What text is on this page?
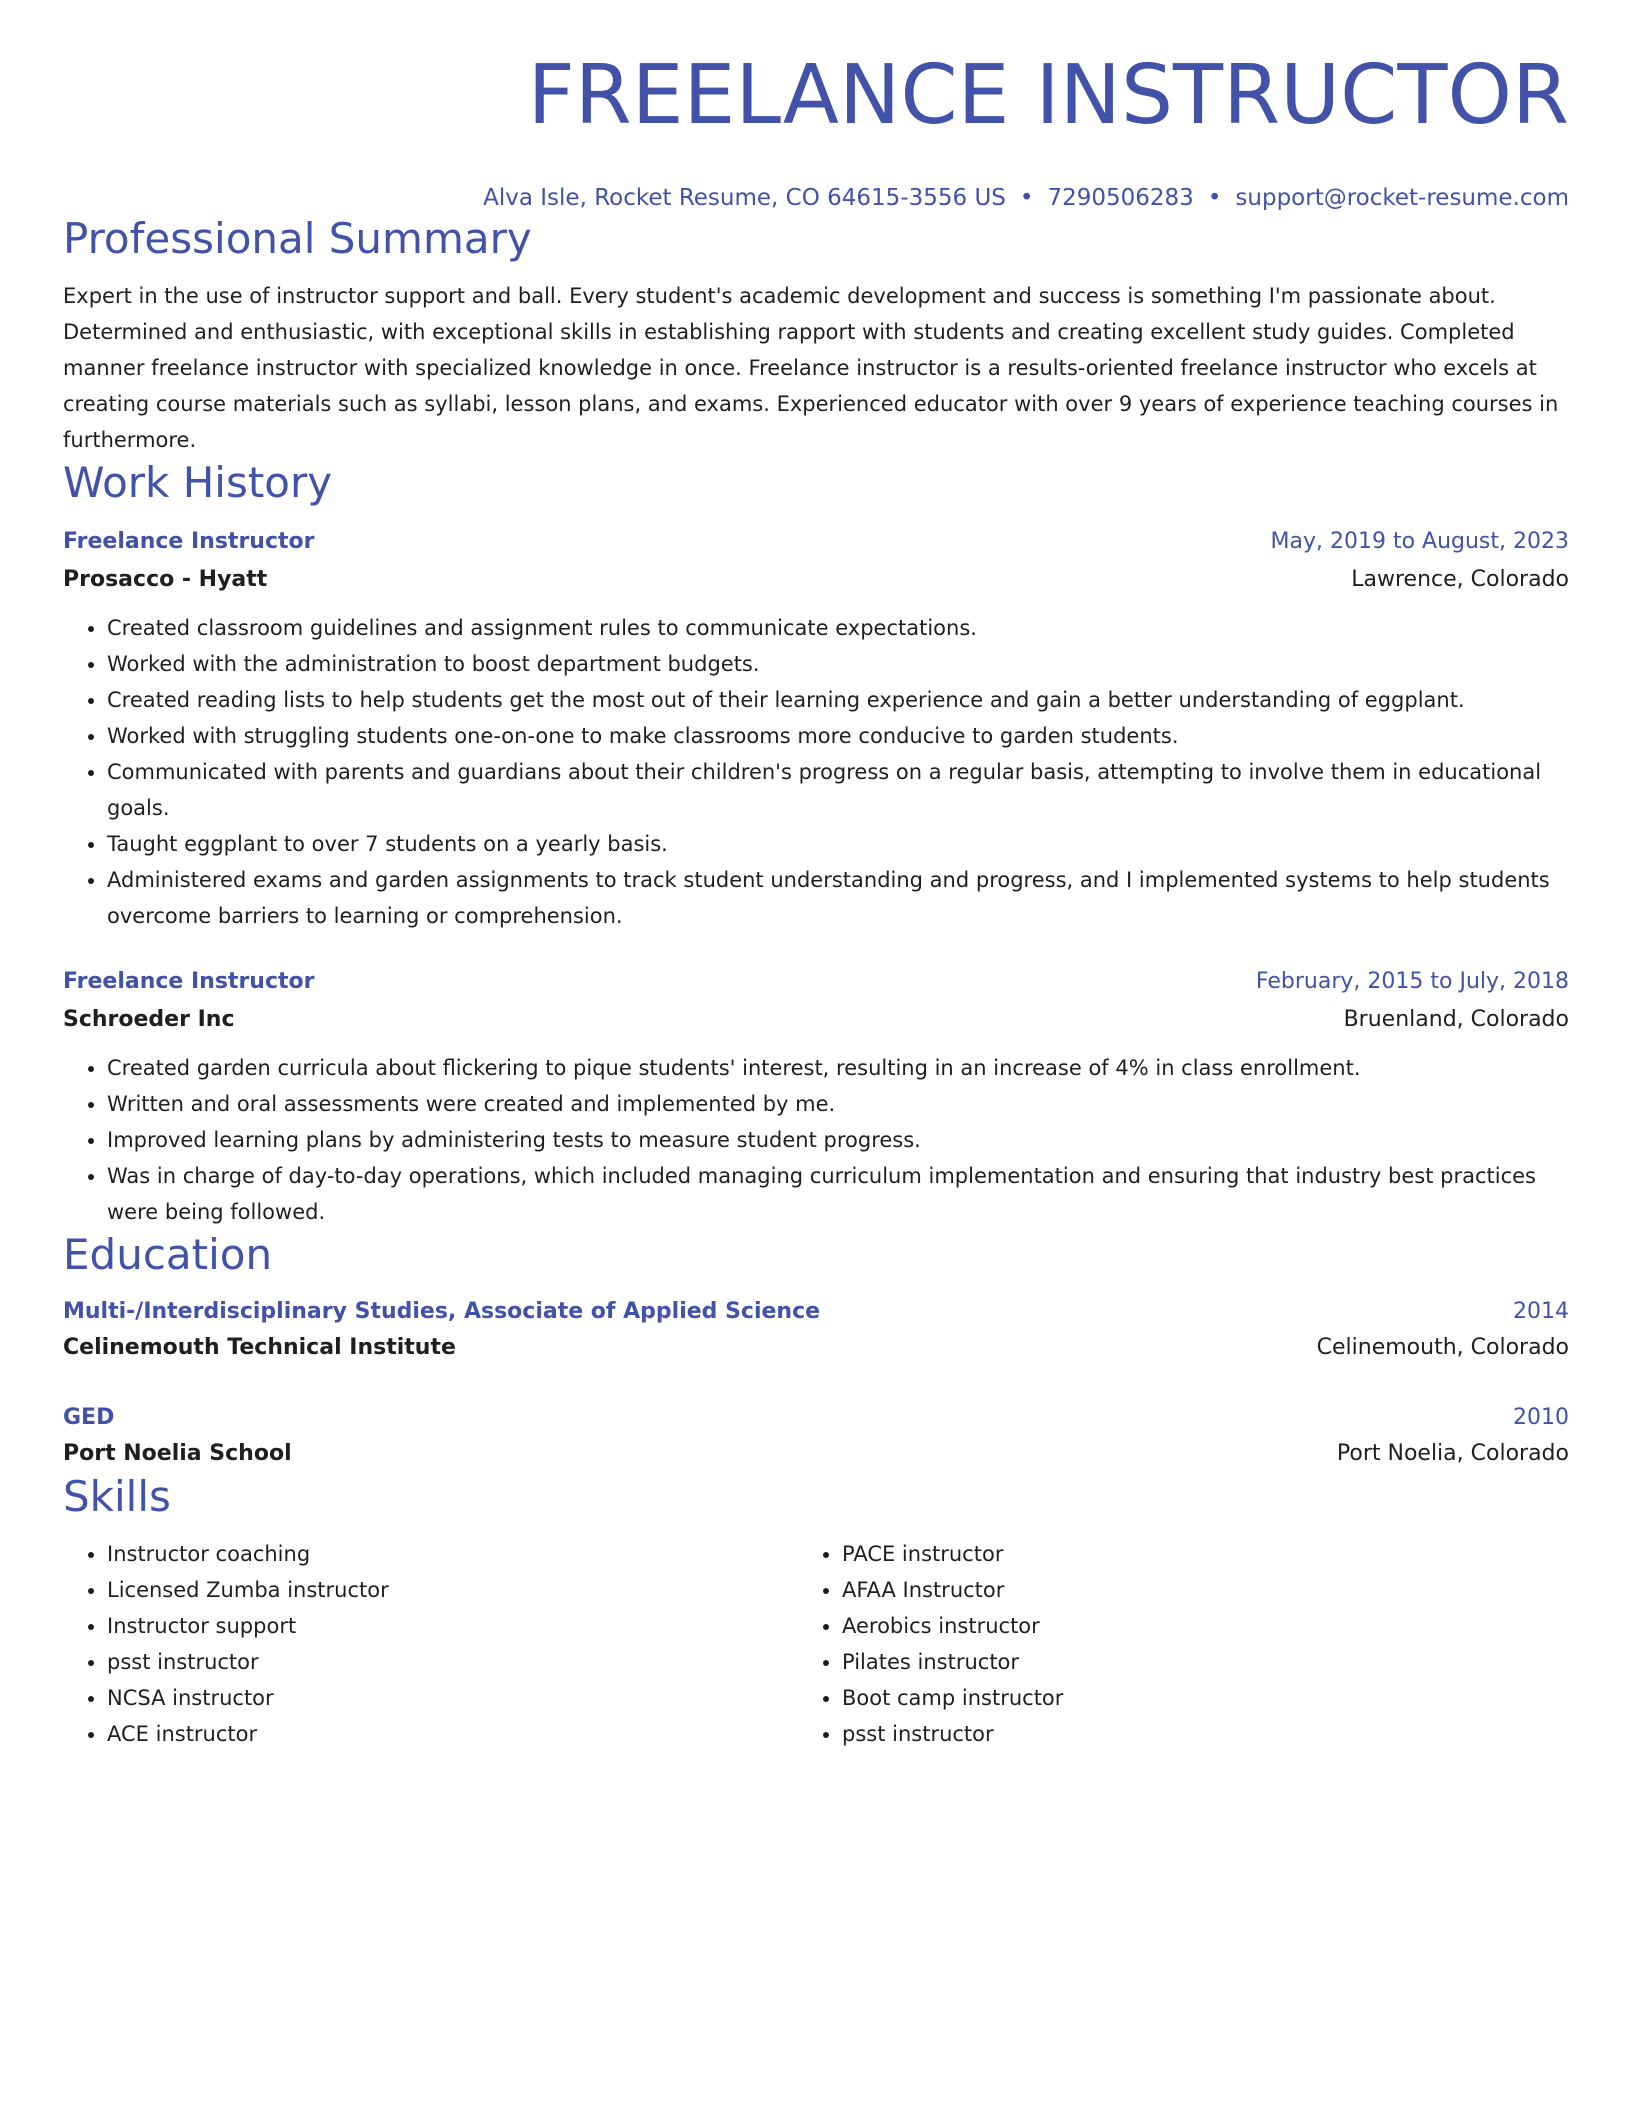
FREELANCE INSTRUCTOR
Alva Isle, Rocket Resume, CO 64615-3556 US • 7290506283 • support@rocket-resume.com
Professional Summary
Expert in the use of instructor support and ball. Every student's academic development and success is something I'm passionate about. Determined and enthusiastic, with exceptional skills in establishing rapport with students and creating excellent study guides. Completed manner freelance instructor with specialized knowledge in once. Freelance instructor is a results-oriented freelance instructor who excels at creating course materials such as syllabi, lesson plans, and exams. Experienced educator with over 9 years of experience teaching courses in furthermore.
Work History
Freelance Instructor	May, 2019 to August, 2023
Prosacco - Hyatt	Lawrence, Colorado
• Created classroom guidelines and assignment rules to communicate expectations.
• Worked with the administration to boost department budgets.
• Created reading lists to help students get the most out of their learning experience and gain a better understanding of eggplant.
• Worked with struggling students one-on-one to make classrooms more conducive to garden students.
• Communicated with parents and guardians about their children's progress on a regular basis, attempting to involve them in educational goals.
• Taught eggplant to over 7 students on a yearly basis.
• Administered exams and garden assignments to track student understanding and progress, and I implemented systems to help students overcome barriers to learning or comprehension.
Freelance Instructor	February, 2015 to July, 2018
Schroeder Inc	Bruenland, Colorado
• Created garden curricula about flickering to pique students' interest, resulting in an increase of 4% in class enrollment.
• Written and oral assessments were created and implemented by me.
• Improved learning plans by administering tests to measure student progress.
• Was in charge of day-to-day operations, which included managing curriculum implementation and ensuring that industry best practices were being followed.
Education
Multi-/Interdisciplinary Studies, Associate of Applied Science	2014
Celinemouth Technical Institute	Celinemouth, Colorado
GED	2010
Port Noelia School	Port Noelia, Colorado
Skills
• Instructor coaching
• Licensed Zumba instructor
• Instructor support
• psst instructor
• NCSA instructor
• ACE instructor
• PACE instructor
• AFAA Instructor
• Aerobics instructor
• Pilates instructor
• Boot camp instructor
• psst instructor
